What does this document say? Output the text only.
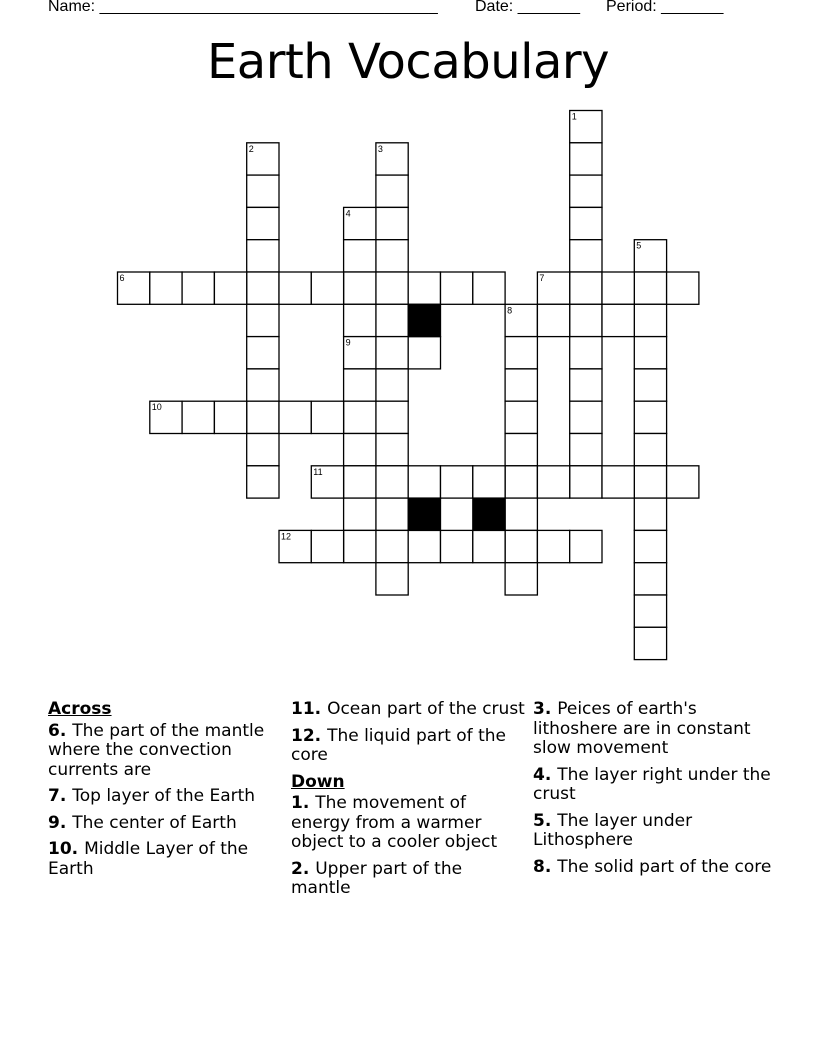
Name: ______________________________________ Date: _______ Period: _______
Earth Vocabulary
1
2	3
4
5
6	7
8
9
10
11
12
Across
6. The part of the mantle where the convection currents are
7. Top layer of the Earth
9. The center of Earth
10. Middle Layer of the Earth
11. Ocean part of the crust
12. The liquid part of the core
Down
1. The movement of energy from a warmer object to a cooler object
2. Upper part of the mantle
3. Peices of earth's lithoshere are in constant slow movement
4. The layer right under the crust
5. The layer under Lithosphere
8. The solid part of the core
